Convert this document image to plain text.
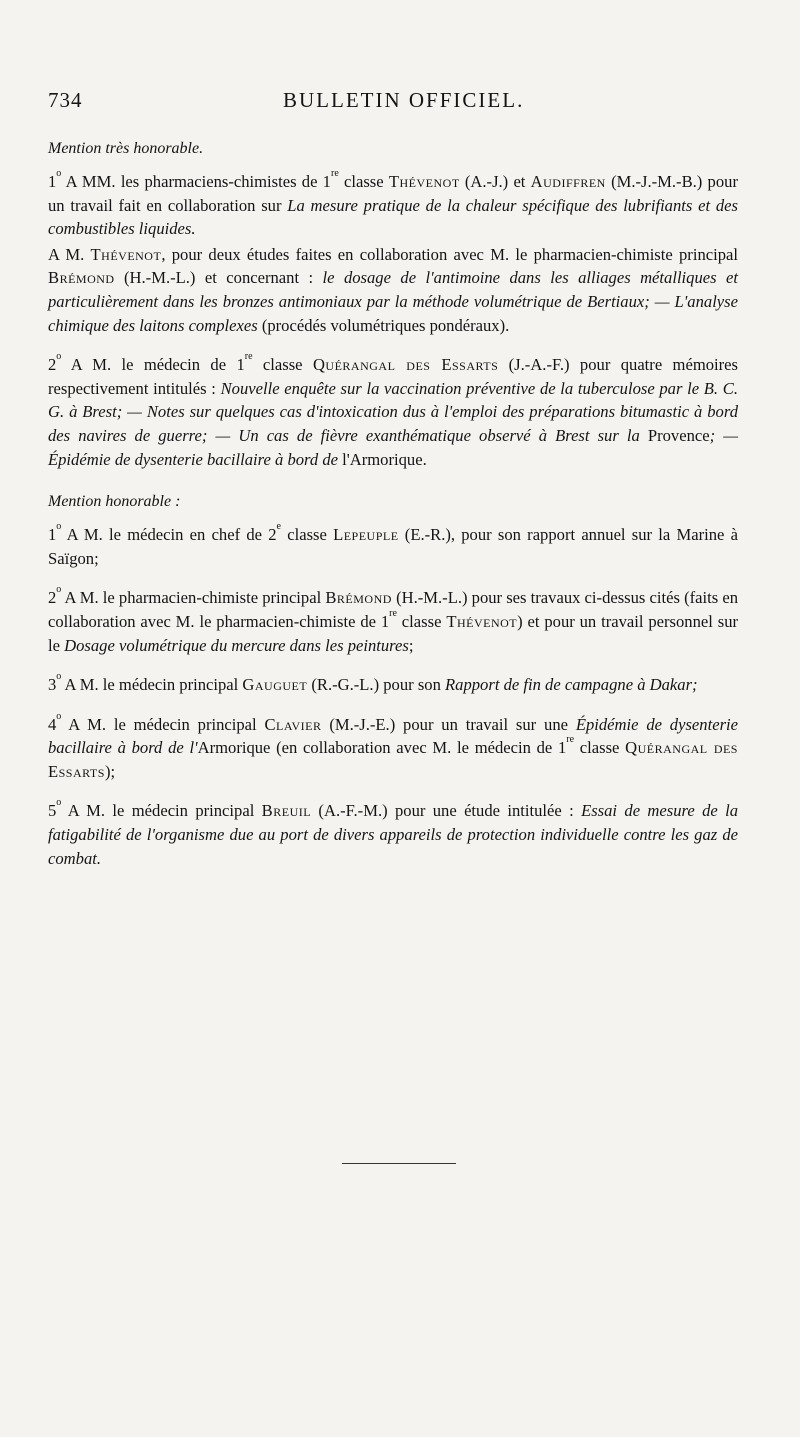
734	BULLETIN OFFICIEL.
Mention très honorable.

1$^o$ A MM. les pharmaciens-chimistes de 1re classe Thévenot (A.-J.) et Audiffren (M.-J.-M.-B.) pour un travail fait en collaboration sur La mesure pratique de la chaleur spécifique des lubrifiants et des combustibles liquides.

A M. Thévenot, pour deux études faites en collaboration avec M. le pharmacien-chimiste principal Brémond (H.-M.-L.) et concernant : le dosage de l'antimoine dans les alliages métalliques et particulièrement dans les bronzes antimoniaux par la méthode volumétrique de Bertiaux; — L'analyse chimique des laitons complexes (procédés volumétriques pondéraux).

2$^o$ A M. le médecin de 1re classe Quérangal des Essarts (J.-A.-F.) pour quatre mémoires respectivement intitulés : Nouvelle enquête sur la vaccination préventive de la tuberculose par le B. C. G. à Brest; — Notes sur quelques cas d'intoxication dus à l'emploi des préparations bitumastic à bord des navires de guerre; — Un cas de fièvre exanthématique observé à Brest sur la Provence; — Épidémie de dysenterie bacillaire à bord de l'Armorique.

Mention honorable :

1$^o$ A M. le médecin en chef de 2e classe Lepeuple (E.-R.), pour son rapport annuel sur la Marine à Saïgon;

2$^o$ A M. le pharmacien-chimiste principal Brémond (H.-M.-L.) pour ses travaux ci-dessus cités (faits en collaboration avec M. le pharmacien-chimiste de 1re classe Thévenot) et pour un travail personnel sur le Dosage volumétrique du mercure dans les peintures;

3$^o$ A M. le médecin principal Gauguet (R.-G.-L.) pour son Rapport de fin de campagne à Dakar;

4$^o$ A M. le médecin principal Clavier (M.-J.-E.) pour un travail sur une Épidémie de dysenterie bacillaire à bord de l'Armorique (en collaboration avec M. le médecin de 1re classe Quérangal des Essarts);

5$^o$ A M. le médecin principal Breuil (A.-F.-M.) pour une étude intitulée : Essai de mesure de la fatigabilité de l'organisme due au port de divers appareils de protection individuelle contre les gaz de combat.
